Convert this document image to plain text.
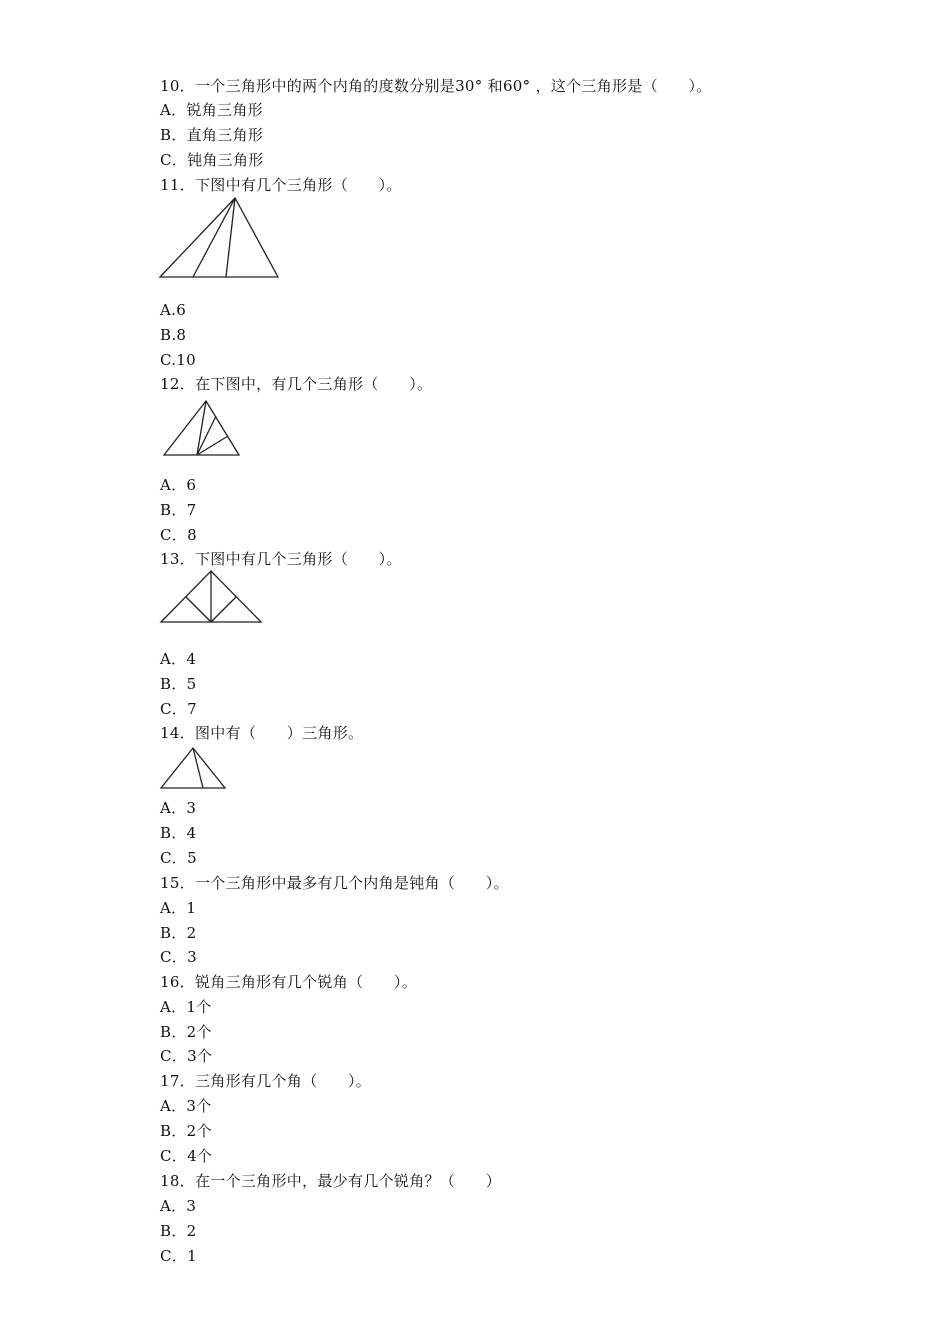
10．一个三角形中的两个内角的度数分别是30° 和60° ，这个三角形是（　　）。
A．锐角三角形
B．直角三角形
C．钝角三角形
11．下图中有几个三角形（　　）。
A.6
B.8
C.10
12．在下图中，有几个三角形（　　）。
A．6
B．7
C．8
13．下图中有几个三角形（　　）。
A．4
B．5
C．7
14．图中有（　　）三角形。
A．3
B．4
C．5
15．一个三角形中最多有几个内角是钝角（　　）。
A．1
B．2
C．3
16．锐角三角形有几个锐角（　　）。
A．1个
B．2个
C．3个
17．三角形有几个角（　　）。
A．3个
B．2个
C．4个
18．在一个三角形中，最少有几个锐角？（　　）
A．3
B．2
C．1
